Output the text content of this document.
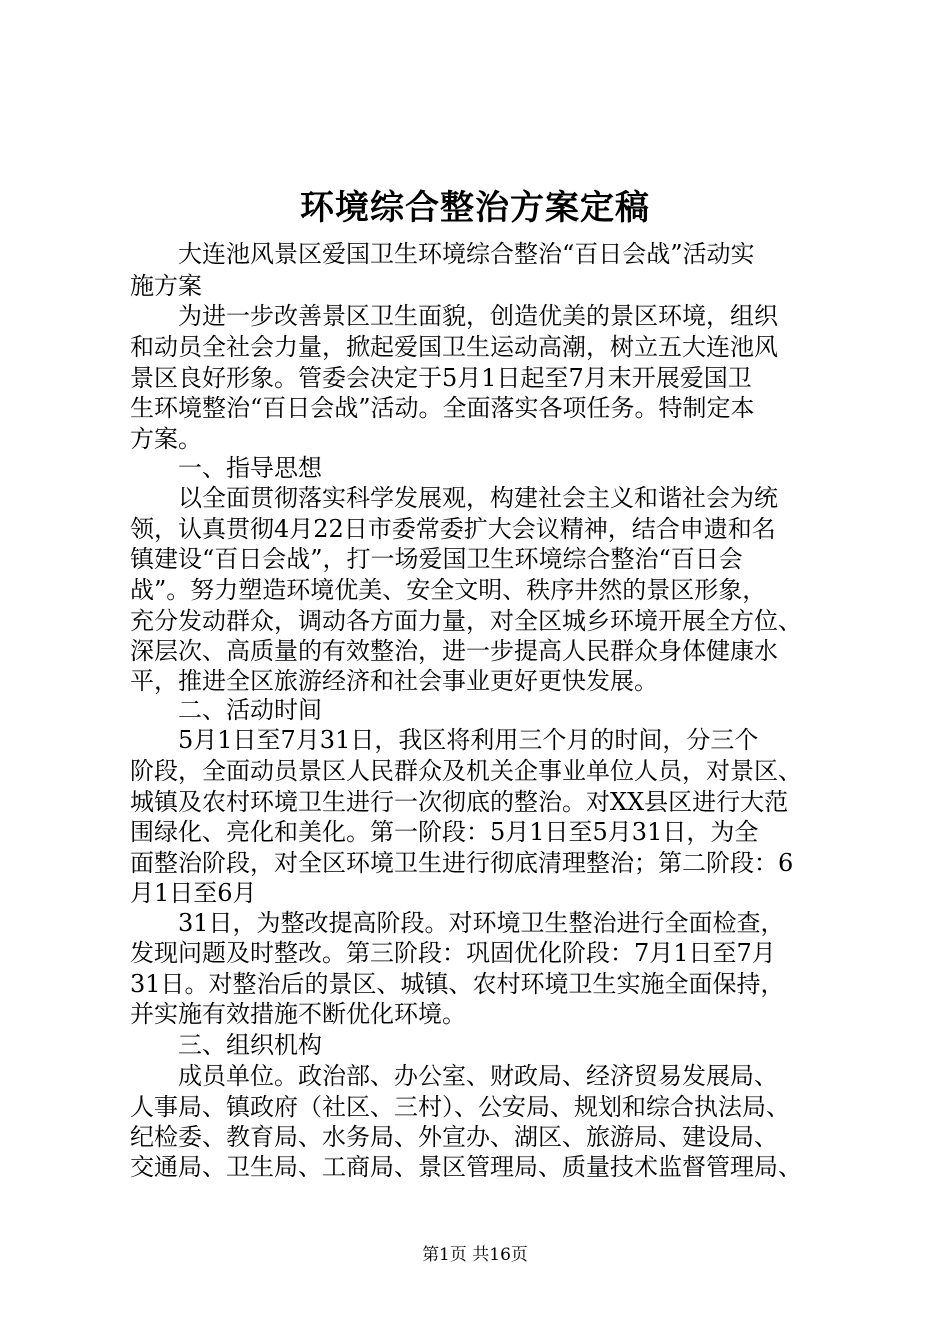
环境综合整治方案定稿
大连池风景区爱国卫生环境综合整治“百日会战”活动实
施方案
为进一步改善景区卫生面貌，创造优美的景区环境，组织
和动员全社会力量，掀起爱国卫生运动高潮，树立五大连池风
景区良好形象。管委会决定于5月1日起至7月末开展爱国卫
生环境整治“百日会战”活动。全面落实各项任务。特制定本
方案。
一、指导思想
以全面贯彻落实科学发展观，构建社会主义和谐社会为统
领，认真贯彻4月22日市委常委扩大会议精神，结合申遗和名
镇建设“百日会战”，打一场爱国卫生环境综合整治“百日会
战”。努力塑造环境优美、安全文明、秩序井然的景区形象，
充分发动群众，调动各方面力量，对全区城乡环境开展全方位、
深层次、高质量的有效整治，进一步提高人民群众身体健康水
平，推进全区旅游经济和社会事业更好更快发展。
二、活动时间
5月1日至7月31日，我区将利用三个月的时间，分三个
阶段，全面动员景区人民群众及机关企事业单位人员，对景区、
城镇及农村环境卫生进行一次彻底的整治。对XX县区进行大范
围绿化、亮化和美化。第一阶段：5月1日至5月31日，为全
面整治阶段，对全区环境卫生进行彻底清理整治；第二阶段：6
月1日至6月
31日，为整改提高阶段。对环境卫生整治进行全面检查，
发现问题及时整改。第三阶段：巩固优化阶段：7月1日至7月
31日。对整治后的景区、城镇、农村环境卫生实施全面保持，
并实施有效措施不断优化环境。
三、组织机构
成员单位。政治部、办公室、财政局、经济贸易发展局、
人事局、镇政府（社区、三村）、公安局、规划和综合执法局、
纪检委、教育局、水务局、外宣办、湖区、旅游局、建设局、
交通局、卫生局、工商局、景区管理局、质量技术监督管理局、
第1页 共16页
